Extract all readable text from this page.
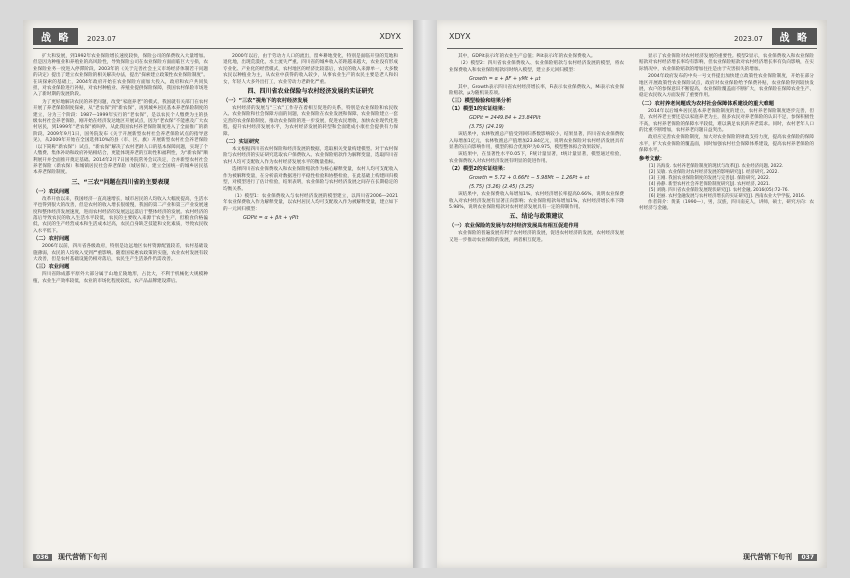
战 略 2023.07	XDYX

扩大和发展，到1992年农业保险增长速度较快，保险公司的保费收入大量增加。但是因为种植业和养殖业的高风险性，导致保险公司在农业保险方面面临巨大亏损，农业保险业务一度进入停滞阶段。2003年的《关于完善社会主义市场经济体制若干问题的决定》提出了建立农业保险的相关解决办法，提出“探索建立政策性农业保险制度”。在该探索的基础上，2004年政府开始在农业保险方面加大投入，政府和农户共同负担，对农业保险进行补贴，对农村种植业、养殖业提供保险保障，我国农村保险市场进入了新时期的发展阶段。

为了更好地解决农民的养老问题，改变“家庭养老”的模式，我国就有关部门在农村开展了养老保险制度探索，从“老农保”到“新农保”，再到城乡居民基本养老保险制度的建立，分为三个阶段：1987—1999年实行的“老农保”，是以农民个人缴费为主的县级农村社会养老保险，刚开始在经济发达地区开展试点，因为“老农保”不能惠及广大农村居民，到1999年“老农保”被叫停。从此我国农村养老保险制度进入了全面推广的新阶段。2009年9月1日，国务院发布《关于开展新型农村社会养老保险试点的指导意见》，从2009年开始在全国选择10%的县（市、区、旗）开展新型农村社会养老保险（以下简称“新农保”）试点，“新农保”解决了农村老龄人口的基本保障问题，实现了个人缴费、集体补助和政府补贴相结合，更能体现养老的互助性和福利性，为“新农保”顺利展开并全面推开奠定基础。2014年2月7日国务院常务会议决定，合并新型农村社会养老保险（新农保）和城镇居民社会养老保险（城居保），建立全国统一的城乡居民基本养老保险制度。

三、“三农”问题在四川省的主要表现
（一）农民问题

改革开放以来，我国经济一直高速增长，城市居民的人均收入大幅度提高，生活水平也得到很大的改善，但是农村的收入增长很缓慢，我国的第二产业和第三产业发展速度和整体经济发展速度，进而农村经济的发展远远落后于整体经济的发展。农村经济的落后导致农民的收入生活水平较低，农民的主要收入来源于农业生产，但粮食价格偏低，农民的生产经营成本和生活成本过高，农民自身缺乏技能和文化素质，导致农民收入水平低下。

（二）农村问题

2006年以前，四川省各级政府，特别是边远地区农村资源配置较差，农村基础设施薄弱，农民的人均收入受到严重影响。随着国家惠农政策的实施，农业农村发展有较大改善，但是农村基础设施仍相对落后，农民生产生活条件仍需改善。

（三）农业问题

四川省除成都平原外大部分属于山地丘陵地形，占比大，不利于机械化大规模种植，农业生产效率较低，农业的市场化程度较低，农产品品牌建设滞后。

2000年以后，由于劳动力人口的流出，留乡耕地变化，特别是面临开垦的荒地和退化地，出现荒漠化，水土流失严重。四川省的城乡收入差距越来越大，农业没有形成专业化、产业化的经营模式，农村地区的经济比较落后，农民的收入来源单一，大多数农民以种植业为主，从农业中获得的收入较少，从事农业生产的农民主要是老人和妇女，年轻人大多外出打工，农业劳动力老龄化严重。

四、四川省农业保险与农村经济发展的实证研究
（一）“三农”视角下的农村经济发展

农村经济的发展与“三农”工作存在着相互促进的关系，特别是农业保险和农民收入、农业保险和社会保障方面的问题，农业保险在农业发展和保障、农业保险建立一套完善的农业保险制度、推动农业保险的进一步发展，促进农民增收，加快农业现代化进程，提升农村经济发展水平，为农村经济发展的转型和全面建成小康社会提供有力保障。

（二）实证研究

本文根据四川省农村保险和经济发展的数据，选取相关变量构建模型。对于农村保险与农村经济的实证研究选取农户保费收入、农业保险赔款作为解释变量，选取四川省农村人均可支配收入作为农村经济发展水平的衡量指标。

选择四川省农业保费收入和农业保险赔款作为核心解释变量，农村人均可支配收入作为被解释变量，在分析前对数据进行平稳性检验和协整检验，在此基础上构建回归模型，对模型进行了估计检验，结果表明，农业保险与农村经济发展之间存在长期稳定的均衡关系。

（1）模型1：农业保费收入与农村经济发展的模型建立，以四川省2006—2021年农业保费收入作为解释变量，以农村居民人均可支配收入作为被解释变量，建立如下的一元回归模型：

GDPit = α + βit + γPIt
036 现代营销下旬刊
XDYX	2023.07 战 略

其中，GDPit表示i年的农业生产总值；PIit表示i年的农业保费收入。

（2）模型2：四川省农业保费收入、农业保险赔款与农村经济发展的模型，将农业保费收入和农业保险赔款同时纳入模型，建立多元回归模型：

Growth = α + βF + γMt + μt

其中，Growth表示四川省农村经济增长率，Fi表示农业保费收入，Mi表示农业保险赔款，μ为随机误差项。

（三）模型检验和结果分析
（1）模型1的实证结果：
GDPit = 2449.84 + 23.84PIit
(3.75) (24.19)

该结果中，农林牧渔总产值受到回归系数影响较小，结果显著，四川省农业保费收入每增加1亿元，农林牧渔总产值增加23.84亿元，说明农业保险对农村经济发展具有显著的正向影响作用，模型的拟合优度R²为0.975，模型整体拟合效果较好。

该结果中，在显著性水平0.05下，F统计量显著，t统计量显著，模型通过检验，农业保费收入对农村经济发展有明显的促进作用。

（2）模型2的实证结果：
Growth = 5.72 + 0.66Ft − 5.98Mt − 1.26Pt + εt
(5.75) (3.26) (2.45) (3.25)

该结果中，农业保费收入每增加1%，农村经济增长率提高0.66%，说明农业保费收入对农村经济发展有显著正向影响；农业保险赔款每增加1%，农村经济增长率下降5.98%，说明农业保险赔款对农村经济发展具有一定的抑制作用。

五、结论与政策建议
（一）农业保险的发展与农村经济发展具有相互促进作用

农业保险的普遍发展有利于农村经济的发展，促进农村经济的发展，农村经济发展又进一步推动农业保险的发展，两者相互促进。

显示了农业保险对农村经济发展的重要性。模型2显示，农业保费收入和农业保险赔款对农村经济增长率均有影响，但农业保险赔款对农村经济增长率有负向影响，在实际情况中，农业保险赔款的增加往往是由于灾害损失的增加。

2004年政府发布的中央一号文件提出加快建立政策性农业保险制度，开始在部分地区开展政策性农业保险试点，政府对农业保险给予保费补贴，农业保险得到较快发展，农户的参保意识不断提高，农业保险覆盖面不断扩大，农业保险在保障农业生产、稳定农民收入方面发挥了重要作用。

（二）农村养老问题成为农村社会保障体系建设的重大难题

2014年以后城乡居民基本养老保险制度的建立，农村养老保险制度逐步完善，但是，农村养老主要还是以家庭养老为主，很多农民对养老保险的认识不足，参保积极性不高，农村养老保险的保障水平较低，难以满足农民的养老需求。同时，农村老年人口的比重不断增加，农村养老问题日益突出。

政府应完善农业保险制度，加大对农业保险的财政支持力度，提高农业保险的保障水平，扩大农业保险的覆盖面，同时加强农村社会保障体系建设，提高农村养老保险的保障水平。

参考文献：
[1] 冯海发. 农村养老保险制度的现状与改革[J]. 农业经济问题, 2022.
[2] 吴敏. 农业保险对农村经济发展的影响研究[J]. 经济研究, 2022.
[3] 王刚. 我国农业保险制度的发展与完善[J]. 保险研究, 2022.
[4] 孙静. 新型农村社会养老保险制度研究[J]. 农村经济, 2021.
[5] 刘晓. 四川省农业保险发展现状研究[J]. 农村金融, 2016(05):72-76.
[6] 赵丽. 农村金融发展与农村经济增长的实证研究[J]. 西南农业大学学报, 2016.

作者简介：黄某（1990—），男，汉族，四川南充人，讲师，硕士，研究方向：农村经济与金融。

现代营销下旬刊 037
